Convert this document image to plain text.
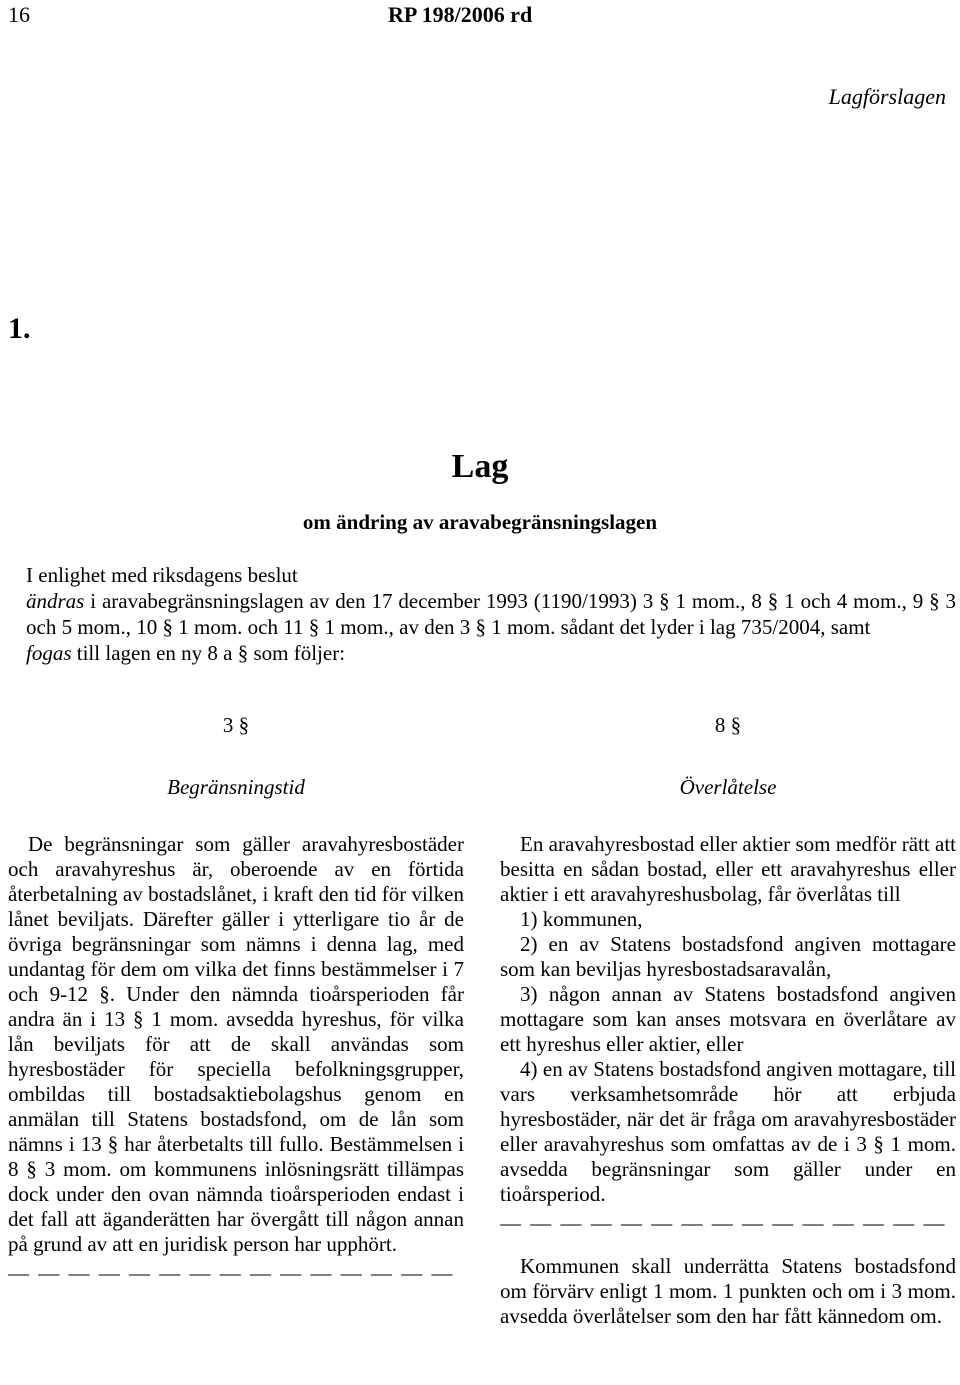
16	RP 198/2006 rd
Lagförslagen
1.
Lag
om ändring av aravabegränsningslagen
I enlighet med riksdagens beslut
ändras i aravabegränsningslagen av den 17 december 1993 (1190/1993) 3 § 1 mom., 8 § 1 och 4 mom., 9 § 3 och 5 mom., 10 § 1 mom. och 11 § 1 mom., av den 3 § 1 mom. sådant det lyder i lag 735/2004, samt
fogas till lagen en ny 8 a § som följer:
3 §
Begränsningstid

De begränsningar som gäller aravahyresbostäder och aravahyreshus är, oberoende av en förtida återbetalning av bostadslånet, i kraft den tid för vilken lånet beviljats. Därefter gäller i ytterligare tio år de övriga begränsningar som nämns i denna lag, med undantag för dem om vilka det finns bestämmelser i 7 och 9-12 §. Under den nämnda tioårsperioden får andra än i 13 § 1 mom. avsedda hyreshus, för vilka lån beviljats för att de skall användas som hyresbostäder för speciella befolkningsgrupper, ombildas till bostadsaktiebolagshus genom en anmälan till Statens bostadsfond, om de lån som nämns i 13 § har återbetalts till fullo. Bestämmelsen i 8 § 3 mom. om kommunens inlösningsrätt tillämpas dock under den ovan nämnda tioårsperioden endast i det fall att äganderätten har övergått till någon annan på grund av att en juridisk person har upphört.

— — — — — — — — — — — — — — —
8 §
Överlåtelse

En aravahyresbostad eller aktier som medför rätt att besitta en sådan bostad, eller ett aravahyreshus eller aktier i ett aravahyreshusbolag, får överlåtas till

1) kommunen,

2) en av Statens bostadsfond angiven mottagare som kan beviljas hyresbostadsaravalån,

3) någon annan av Statens bostadsfond angiven mottagare som kan anses motsvara en överlåtare av ett hyreshus eller aktier, eller

4) en av Statens bostadsfond angiven mottagare, till vars verksamhetsområde hör att erbjuda hyresbostäder, när det är fråga om aravahyresbostäder eller aravahyreshus som omfattas av de i 3 § 1 mom. avsedda begränsningar som gäller under en tioårsperiod.

— — — — — — — — — — — — — — —

Kommunen skall underrätta Statens bostadsfond om förvärv enligt 1 mom. 1 punkten och om i 3 mom. avsedda överlåtelser som den har fått kännedom om.
